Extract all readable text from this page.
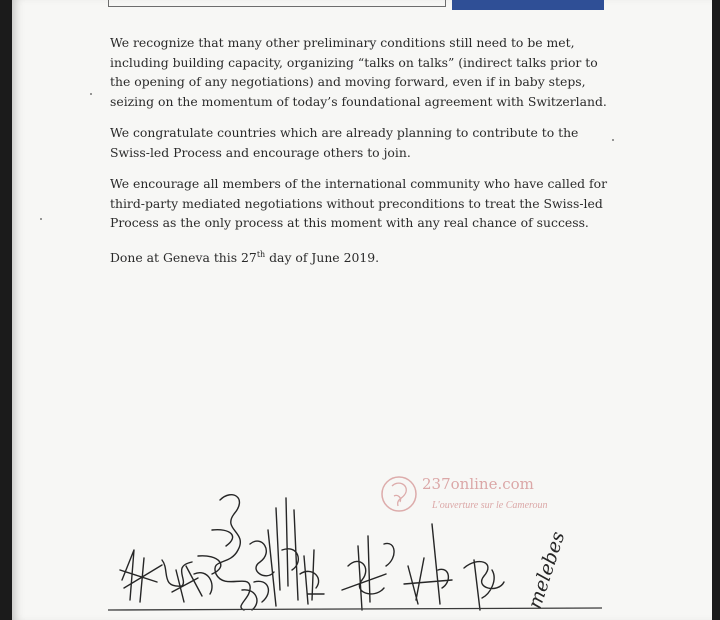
We recognize that many other preliminary conditions still need to be met,
including building capacity, organizing “talks on talks” (indirect talks prior to
the opening of any negotiations) and moving forward, even if in baby steps,
seizing on the momentum of today’s foundational agreement with Switzerland.

We congratulate countries which are already planning to contribute to the
Swiss-led Process and encourage others to join.

We encourage all members of the international community who have called for
third-party mediated negotiations without preconditions to treat the Swiss-led
Process as the only process at this moment with any real chance of success.

Done at Geneva this 27th day of June 2019.

237online.com
L'ouverture sur le Cameroun
melebes
